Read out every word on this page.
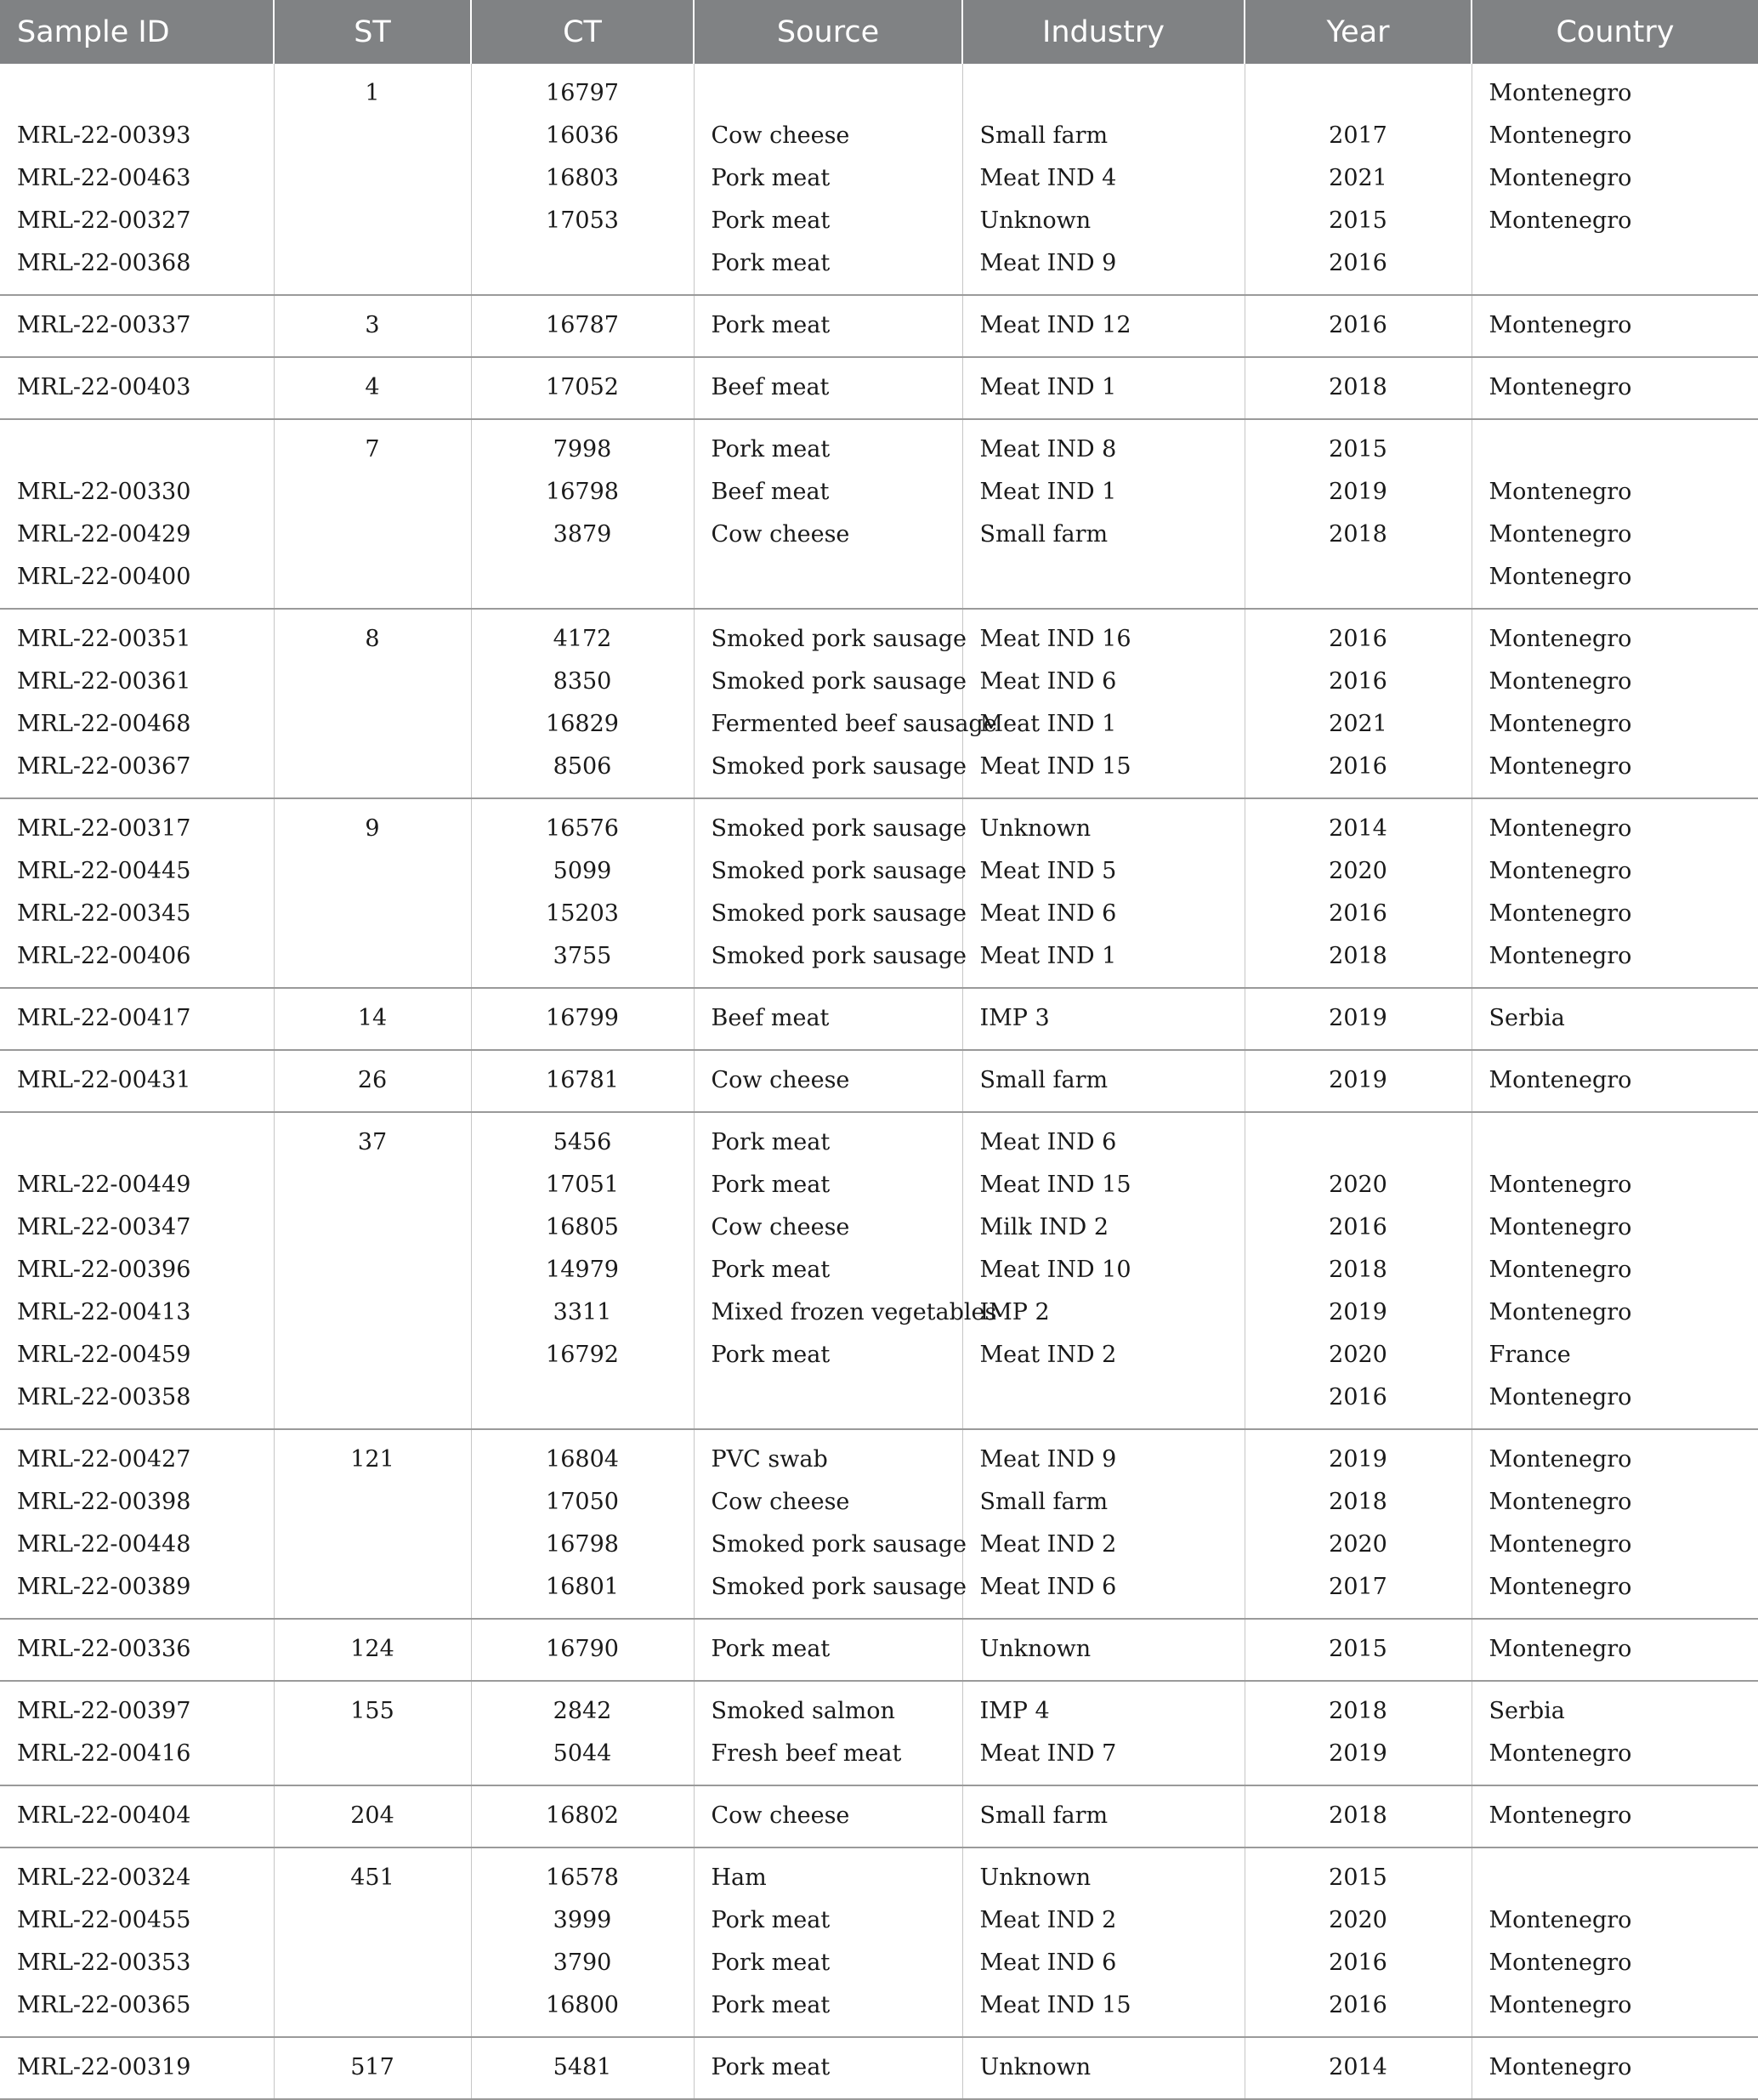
Sample ID	ST	CT	Source	Industry	Year	Country
	1	16797				Montenegro
MRL-22-00393		16036	Cow cheese	Small farm	2017	Montenegro
MRL-22-00463		16803	Pork meat	Meat IND 4	2021	Montenegro
MRL-22-00327		17053	Pork meat	Unknown	2015	Montenegro
MRL-22-00368			Pork meat	Meat IND 9	2016	
MRL-22-00337	3	16787	Pork meat	Meat IND 12	2016	Montenegro
MRL-22-00403	4	17052	Beef meat	Meat IND 1	2018	Montenegro
	7	7998	Pork meat	Meat IND 8	2015	
MRL-22-00330		16798	Beef meat	Meat IND 1	2019	Montenegro
MRL-22-00429		3879	Cow cheese	Small farm	2018	Montenegro
MRL-22-00400						Montenegro
MRL-22-00351	8	4172	Smoked pork sausage	Meat IND 16	2016	Montenegro
MRL-22-00361		8350	Smoked pork sausage	Meat IND 6	2016	Montenegro
MRL-22-00468		16829	Fermented beef sausage	Meat IND 1	2021	Montenegro
MRL-22-00367		8506	Smoked pork sausage	Meat IND 15	2016	Montenegro
MRL-22-00317	9	16576	Smoked pork sausage	Unknown	2014	Montenegro
MRL-22-00445		5099	Smoked pork sausage	Meat IND 5	2020	Montenegro
MRL-22-00345		15203	Smoked pork sausage	Meat IND 6	2016	Montenegro
MRL-22-00406		3755	Smoked pork sausage	Meat IND 1	2018	Montenegro
MRL-22-00417	14	16799	Beef meat	IMP 3	2019	Serbia
MRL-22-00431	26	16781	Cow cheese	Small farm	2019	Montenegro
	37	5456	Pork meat	Meat IND 6		
MRL-22-00449		17051	Pork meat	Meat IND 15	2020	Montenegro
MRL-22-00347		16805	Cow cheese	Milk IND 2	2016	Montenegro
MRL-22-00396		14979	Pork meat	Meat IND 10	2018	Montenegro
MRL-22-00413		3311	Mixed frozen vegetables	IMP 2	2019	Montenegro
MRL-22-00459		16792	Pork meat	Meat IND 2	2020	France
MRL-22-00358					2016	Montenegro
MRL-22-00427	121	16804	PVC swab	Meat IND 9	2019	Montenegro
MRL-22-00398		17050	Cow cheese	Small farm	2018	Montenegro
MRL-22-00448		16798	Smoked pork sausage	Meat IND 2	2020	Montenegro
MRL-22-00389		16801	Smoked pork sausage	Meat IND 6	2017	Montenegro
MRL-22-00336	124	16790	Pork meat	Unknown	2015	Montenegro
MRL-22-00397	155	2842	Smoked salmon	IMP 4	2018	Serbia
MRL-22-00416		5044	Fresh beef meat	Meat IND 7	2019	Montenegro
MRL-22-00404	204	16802	Cow cheese	Small farm	2018	Montenegro
MRL-22-00324	451	16578	Ham	Unknown	2015	
MRL-22-00455		3999	Pork meat	Meat IND 2	2020	Montenegro
MRL-22-00353		3790	Pork meat	Meat IND 6	2016	Montenegro
MRL-22-00365		16800	Pork meat	Meat IND 15	2016	Montenegro
MRL-22-00319	517	5481	Pork meat	Unknown	2014	Montenegro
